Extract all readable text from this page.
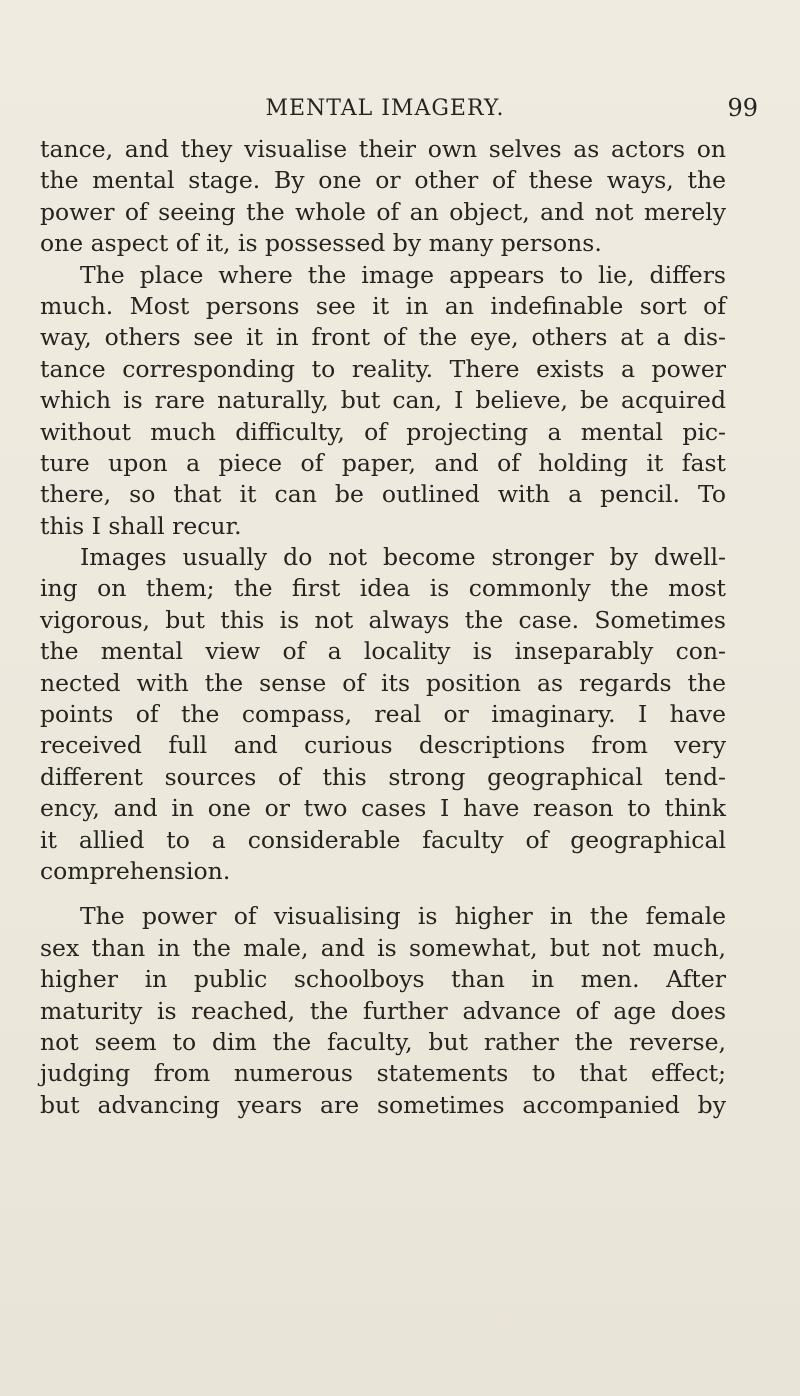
MENTAL IMAGERY.	99
tance, and they visualise their own selves as actors on
the mental stage. By one or other of these ways, the
power of seeing the whole of an object, and not merely
one aspect of it, is possessed by many persons.
The place where the image appears to lie, differs
much. Most persons see it in an indefinable sort of
way, others see it in front of the eye, others at a dis-
tance corresponding to reality. There exists a power
which is rare naturally, but can, I believe, be acquired
without much difficulty, of projecting a mental pic-
ture upon a piece of paper, and of holding it fast
there, so that it can be outlined with a pencil. To
this I shall recur.
Images usually do not become stronger by dwell-
ing on them; the first idea is commonly the most
vigorous, but this is not always the case. Sometimes
the mental view of a locality is inseparably con-
nected with the sense of its position as regards the
points of the compass, real or imaginary. I have
received full and curious descriptions from very
different sources of this strong geographical tend-
ency, and in one or two cases I have reason to think
it allied to a considerable faculty of geographical
comprehension.
The power of visualising is higher in the female
sex than in the male, and is somewhat, but not much,
higher in public schoolboys than in men. After
maturity is reached, the further advance of age does
not seem to dim the faculty, but rather the reverse,
judging from numerous statements to that effect;
but advancing years are sometimes accompanied by
